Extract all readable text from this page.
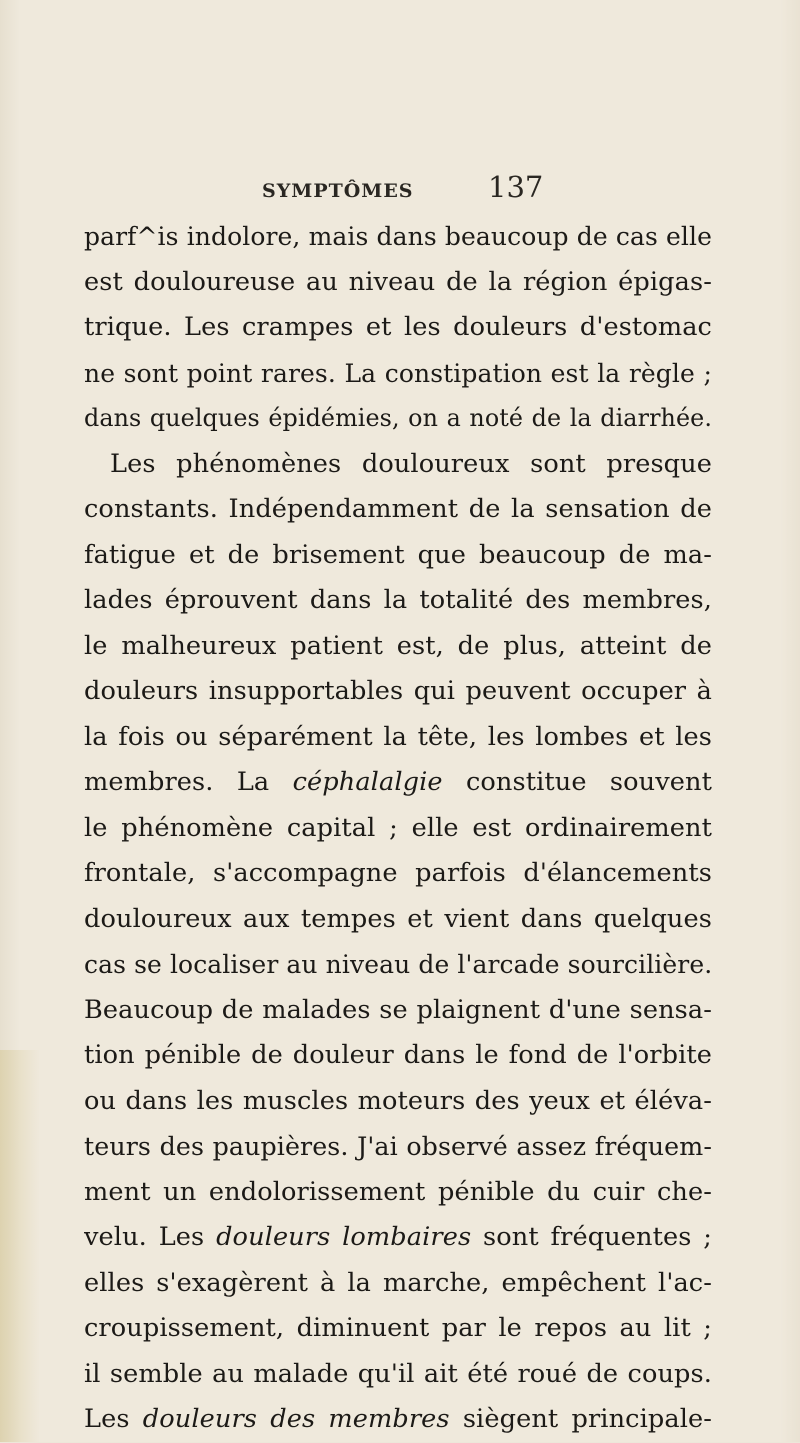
SYMPTÔMES	137
parf^is indolore, mais dans beaucoup de cas elle
est douloureuse au niveau de la région épigas-
trique. Les crampes et les douleurs d'estomac
ne sont point rares. La constipation est la règle ;
dans quelques épidémies, on a noté de la diarrhée.
Les phénomènes douloureux sont presque
constants. Indépendamment de la sensation de
fatigue et de brisement que beaucoup de ma-
lades éprouvent dans la totalité des membres,
le malheureux patient est, de plus, atteint de
douleurs insupportables qui peuvent occuper à
la fois ou séparément la tête, les lombes et les
membres. La céphalalgie constitue souvent
le phénomène capital ; elle est ordinairement
frontale, s'accompagne parfois d'élancements
douloureux aux tempes et vient dans quelques
cas se localiser au niveau de l'arcade sourcilière.
Beaucoup de malades se plaignent d'une sensa-
tion pénible de douleur dans le fond de l'orbite
ou dans les muscles moteurs des yeux et éléva-
teurs des paupières. J'ai observé assez fréquem-
ment un endolorissement pénible du cuir che-
velu. Les douleurs lombaires sont fréquentes ;
elles s'exagèrent à la marche, empêchent l'ac-
croupissement, diminuent par le repos au lit ;
il semble au malade qu'il ait été roué de coups.
Les douleurs des membres siègent principale-
